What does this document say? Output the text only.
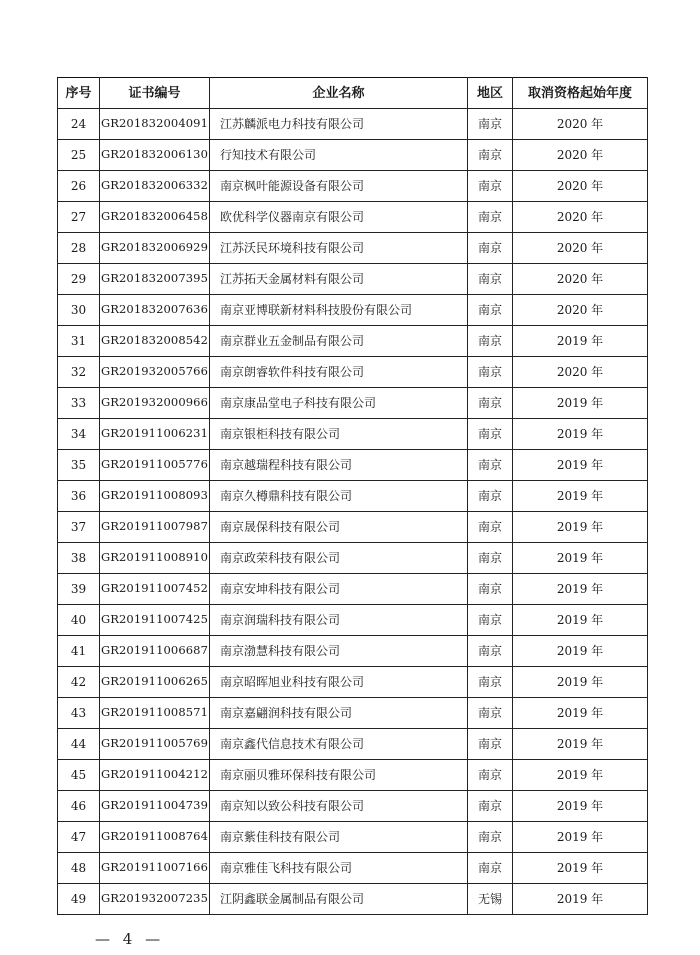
序号	证书编号	企业名称	地区	取消资格起始年度
24	GR201832004091	江苏麟派电力科技有限公司	南京	2020 年
25	GR201832006130	行知技术有限公司	南京	2020 年
26	GR201832006332	南京枫叶能源设备有限公司	南京	2020 年
27	GR201832006458	欧优科学仪器南京有限公司	南京	2020 年
28	GR201832006929	江苏沃民环境科技有限公司	南京	2020 年
29	GR201832007395	江苏拓天金属材料有限公司	南京	2020 年
30	GR201832007636	南京亚博联新材料科技股份有限公司	南京	2020 年
31	GR201832008542	南京群业五金制品有限公司	南京	2019 年
32	GR201932005766	南京朗睿软件科技有限公司	南京	2020 年
33	GR201932000966	南京康品堂电子科技有限公司	南京	2019 年
34	GR201911006231	南京银柜科技有限公司	南京	2019 年
35	GR201911005776	南京越瑞程科技有限公司	南京	2019 年
36	GR201911008093	南京久樽鼎科技有限公司	南京	2019 年
37	GR201911007987	南京晟保科技有限公司	南京	2019 年
38	GR201911008910	南京政荣科技有限公司	南京	2019 年
39	GR201911007452	南京安坤科技有限公司	南京	2019 年
40	GR201911007425	南京润瑞科技有限公司	南京	2019 年
41	GR201911006687	南京渤慧科技有限公司	南京	2019 年
42	GR201911006265	南京昭晖旭业科技有限公司	南京	2019 年
43	GR201911008571	南京嘉翩润科技有限公司	南京	2019 年
44	GR201911005769	南京鑫代信息技术有限公司	南京	2019 年
45	GR201911004212	南京丽贝雅环保科技有限公司	南京	2019 年
46	GR201911004739	南京知以致公科技有限公司	南京	2019 年
47	GR201911008764	南京紫佳科技有限公司	南京	2019 年
48	GR201911007166	南京雅佳飞科技有限公司	南京	2019 年
49	GR201932007235	江阴鑫联金属制品有限公司	无锡	2019 年
— 4 —
